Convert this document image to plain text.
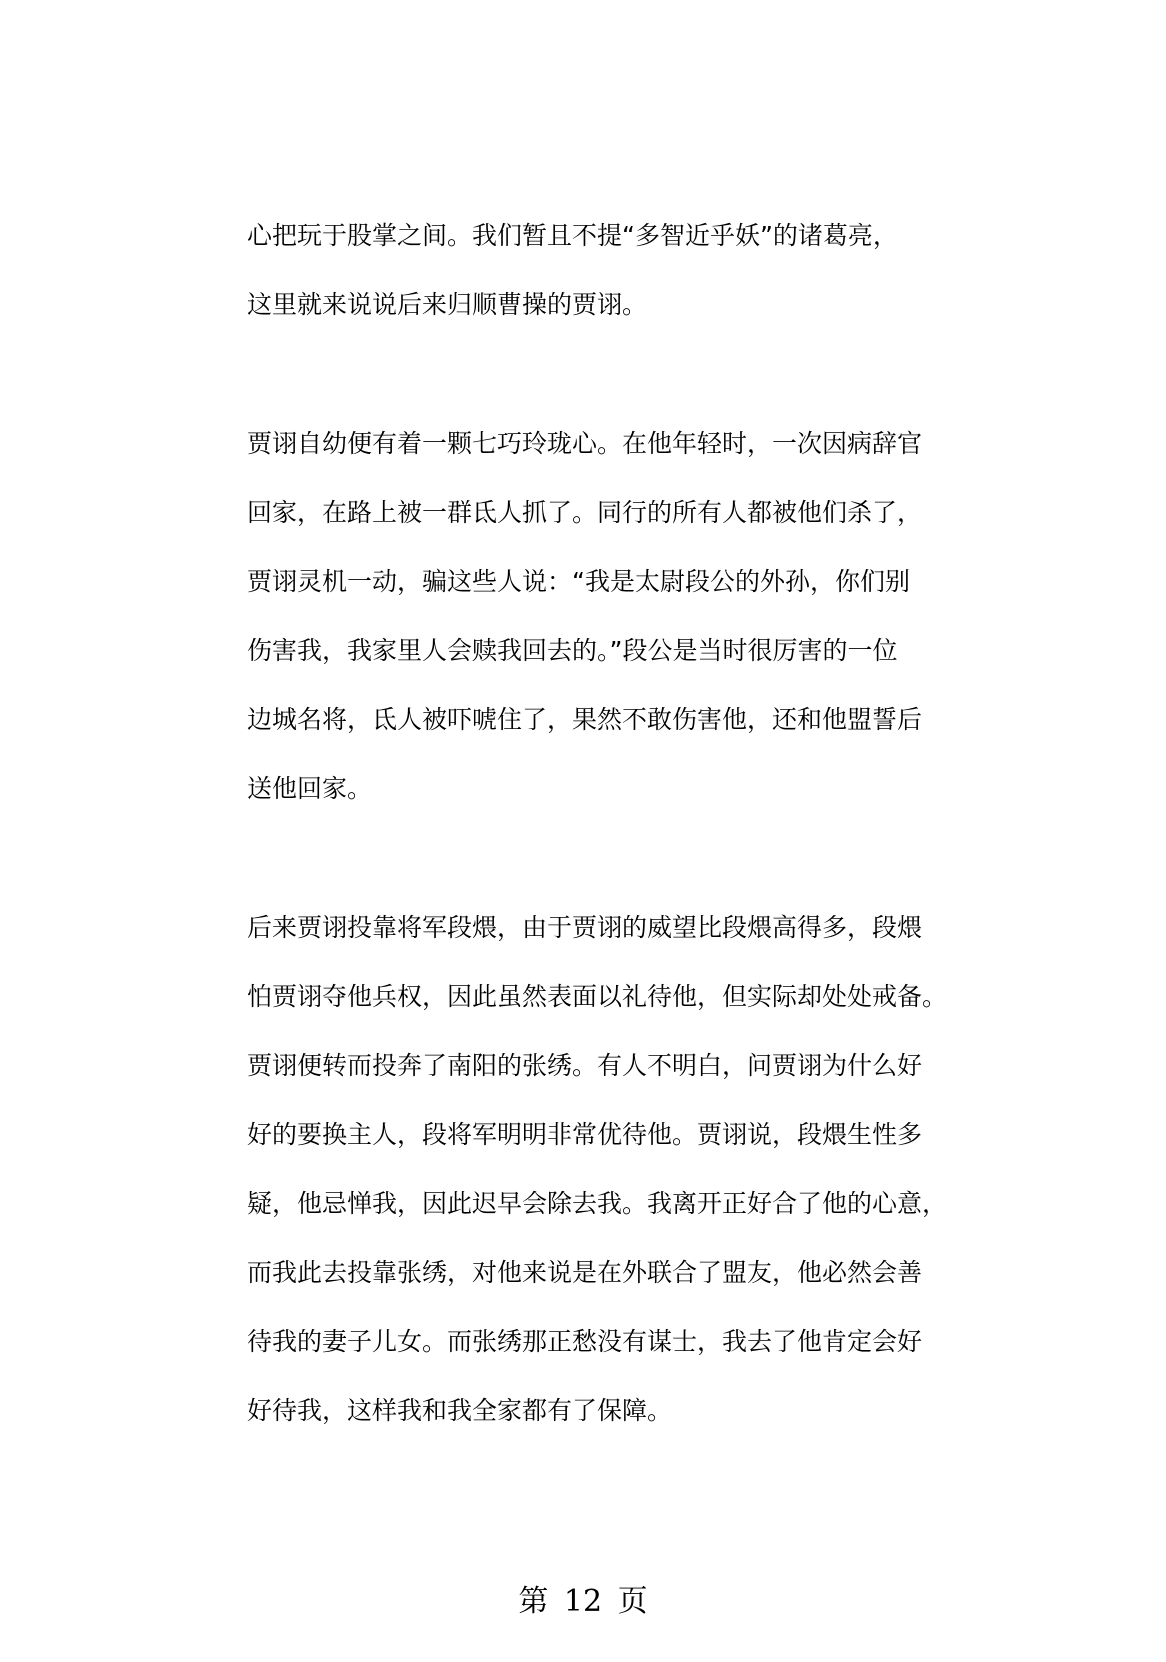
心把玩于股掌之间。我们暂且不提“多智近乎妖”的诸葛亮，
这里就来说说后来归顺曹操的贾诩。
贾诩自幼便有着一颗七巧玲珑心。在他年轻时，一次因病辞官
回家，在路上被一群氐人抓了。同行的所有人都被他们杀了，
贾诩灵机一动，骗这些人说：“我是太尉段公的外孙，你们别
伤害我，我家里人会赎我回去的。”段公是当时很厉害的一位
边城名将，氐人被吓唬住了，果然不敢伤害他，还和他盟誓后
送他回家。
后来贾诩投靠将军段煨，由于贾诩的威望比段煨高得多，段煨
怕贾诩夺他兵权，因此虽然表面以礼待他，但实际却处处戒备。
贾诩便转而投奔了南阳的张绣。有人不明白，问贾诩为什么好
好的要换主人，段将军明明非常优待他。贾诩说，段煨生性多
疑，他忌惮我，因此迟早会除去我。我离开正好合了他的心意，
而我此去投靠张绣，对他来说是在外联合了盟友，他必然会善
待我的妻子儿女。而张绣那正愁没有谋士，我去了他肯定会好
好待我，这样我和我全家都有了保障。
第 12 页
